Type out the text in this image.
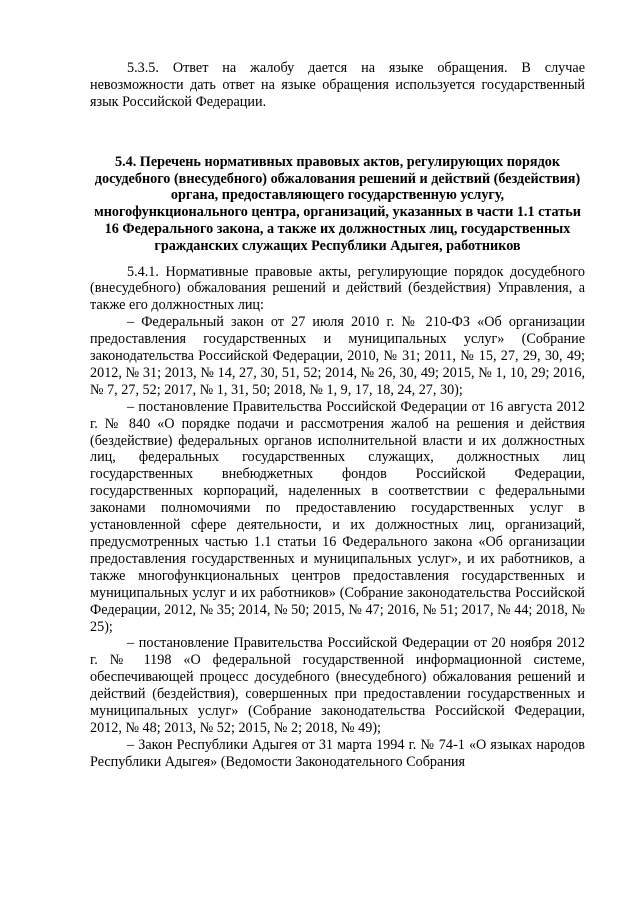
5.3.5. Ответ на жалобу дается на языке обращения. В случае невозможности дать ответ на языке обращения используется государственный язык Российской Федерации.

5.4. Перечень нормативных правовых актов, регулирующих порядок досудебного (внесудебного) обжалования решений и действий (бездействия) органа, предоставляющего государственную услугу, многофункционального центра, организаций, указанных в части 1.1 статьи 16 Федерального закона, а также их должностных лиц, государственных гражданских служащих Республики Адыгея, работников

5.4.1. Нормативные правовые акты, регулирующие порядок досудебного (внесудебного) обжалования решений и действий (бездействия) Управления, а также его должностных лиц:

– Федеральный закон от 27 июля 2010 г. № 210-ФЗ «Об организации предоставления государственных и муниципальных услуг» (Собрание законодательства Российской Федерации, 2010, № 31; 2011, № 15, 27, 29, 30, 49; 2012, № 31; 2013, № 14, 27, 30, 51, 52; 2014, № 26, 30, 49; 2015, № 1, 10, 29; 2016, № 7, 27, 52; 2017, № 1, 31, 50; 2018, № 1, 9, 17, 18, 24, 27, 30);

– постановление Правительства Российской Федерации от 16 августа 2012 г. № 840 «О порядке подачи и рассмотрения жалоб на решения и действия (бездействие) федеральных органов исполнительной власти и их должностных лиц, федеральных государственных служащих, должностных лиц государственных внебюджетных фондов Российской Федерации, государственных корпораций, наделенных в соответствии с федеральными законами полномочиями по предоставлению государственных услуг в установленной сфере деятельности, и их должностных лиц, организаций, предусмотренных частью 1.1 статьи 16 Федерального закона «Об организации предоставления государственных и муниципальных услуг», и их работников, а также многофункциональных центров предоставления государственных и муниципальных услуг и их работников» (Собрание законодательства Российской Федерации, 2012, № 35; 2014, № 50; 2015, № 47; 2016, № 51; 2017, № 44; 2018, № 25);

– постановление Правительства Российской Федерации от 20 ноября 2012 г. № 1198 «О федеральной государственной информационной системе, обеспечивающей процесс досудебного (внесудебного) обжалования решений и действий (бездействия), совершенных при предоставлении государственных и муниципальных услуг» (Собрание законодательства Российской Федерации, 2012, № 48; 2013, № 52; 2015, № 2; 2018, № 49);

– Закон Республики Адыгея от 31 марта 1994 г. № 74-1 «О языках народов Республики Адыгея» (Ведомости Законодательного Собрания
